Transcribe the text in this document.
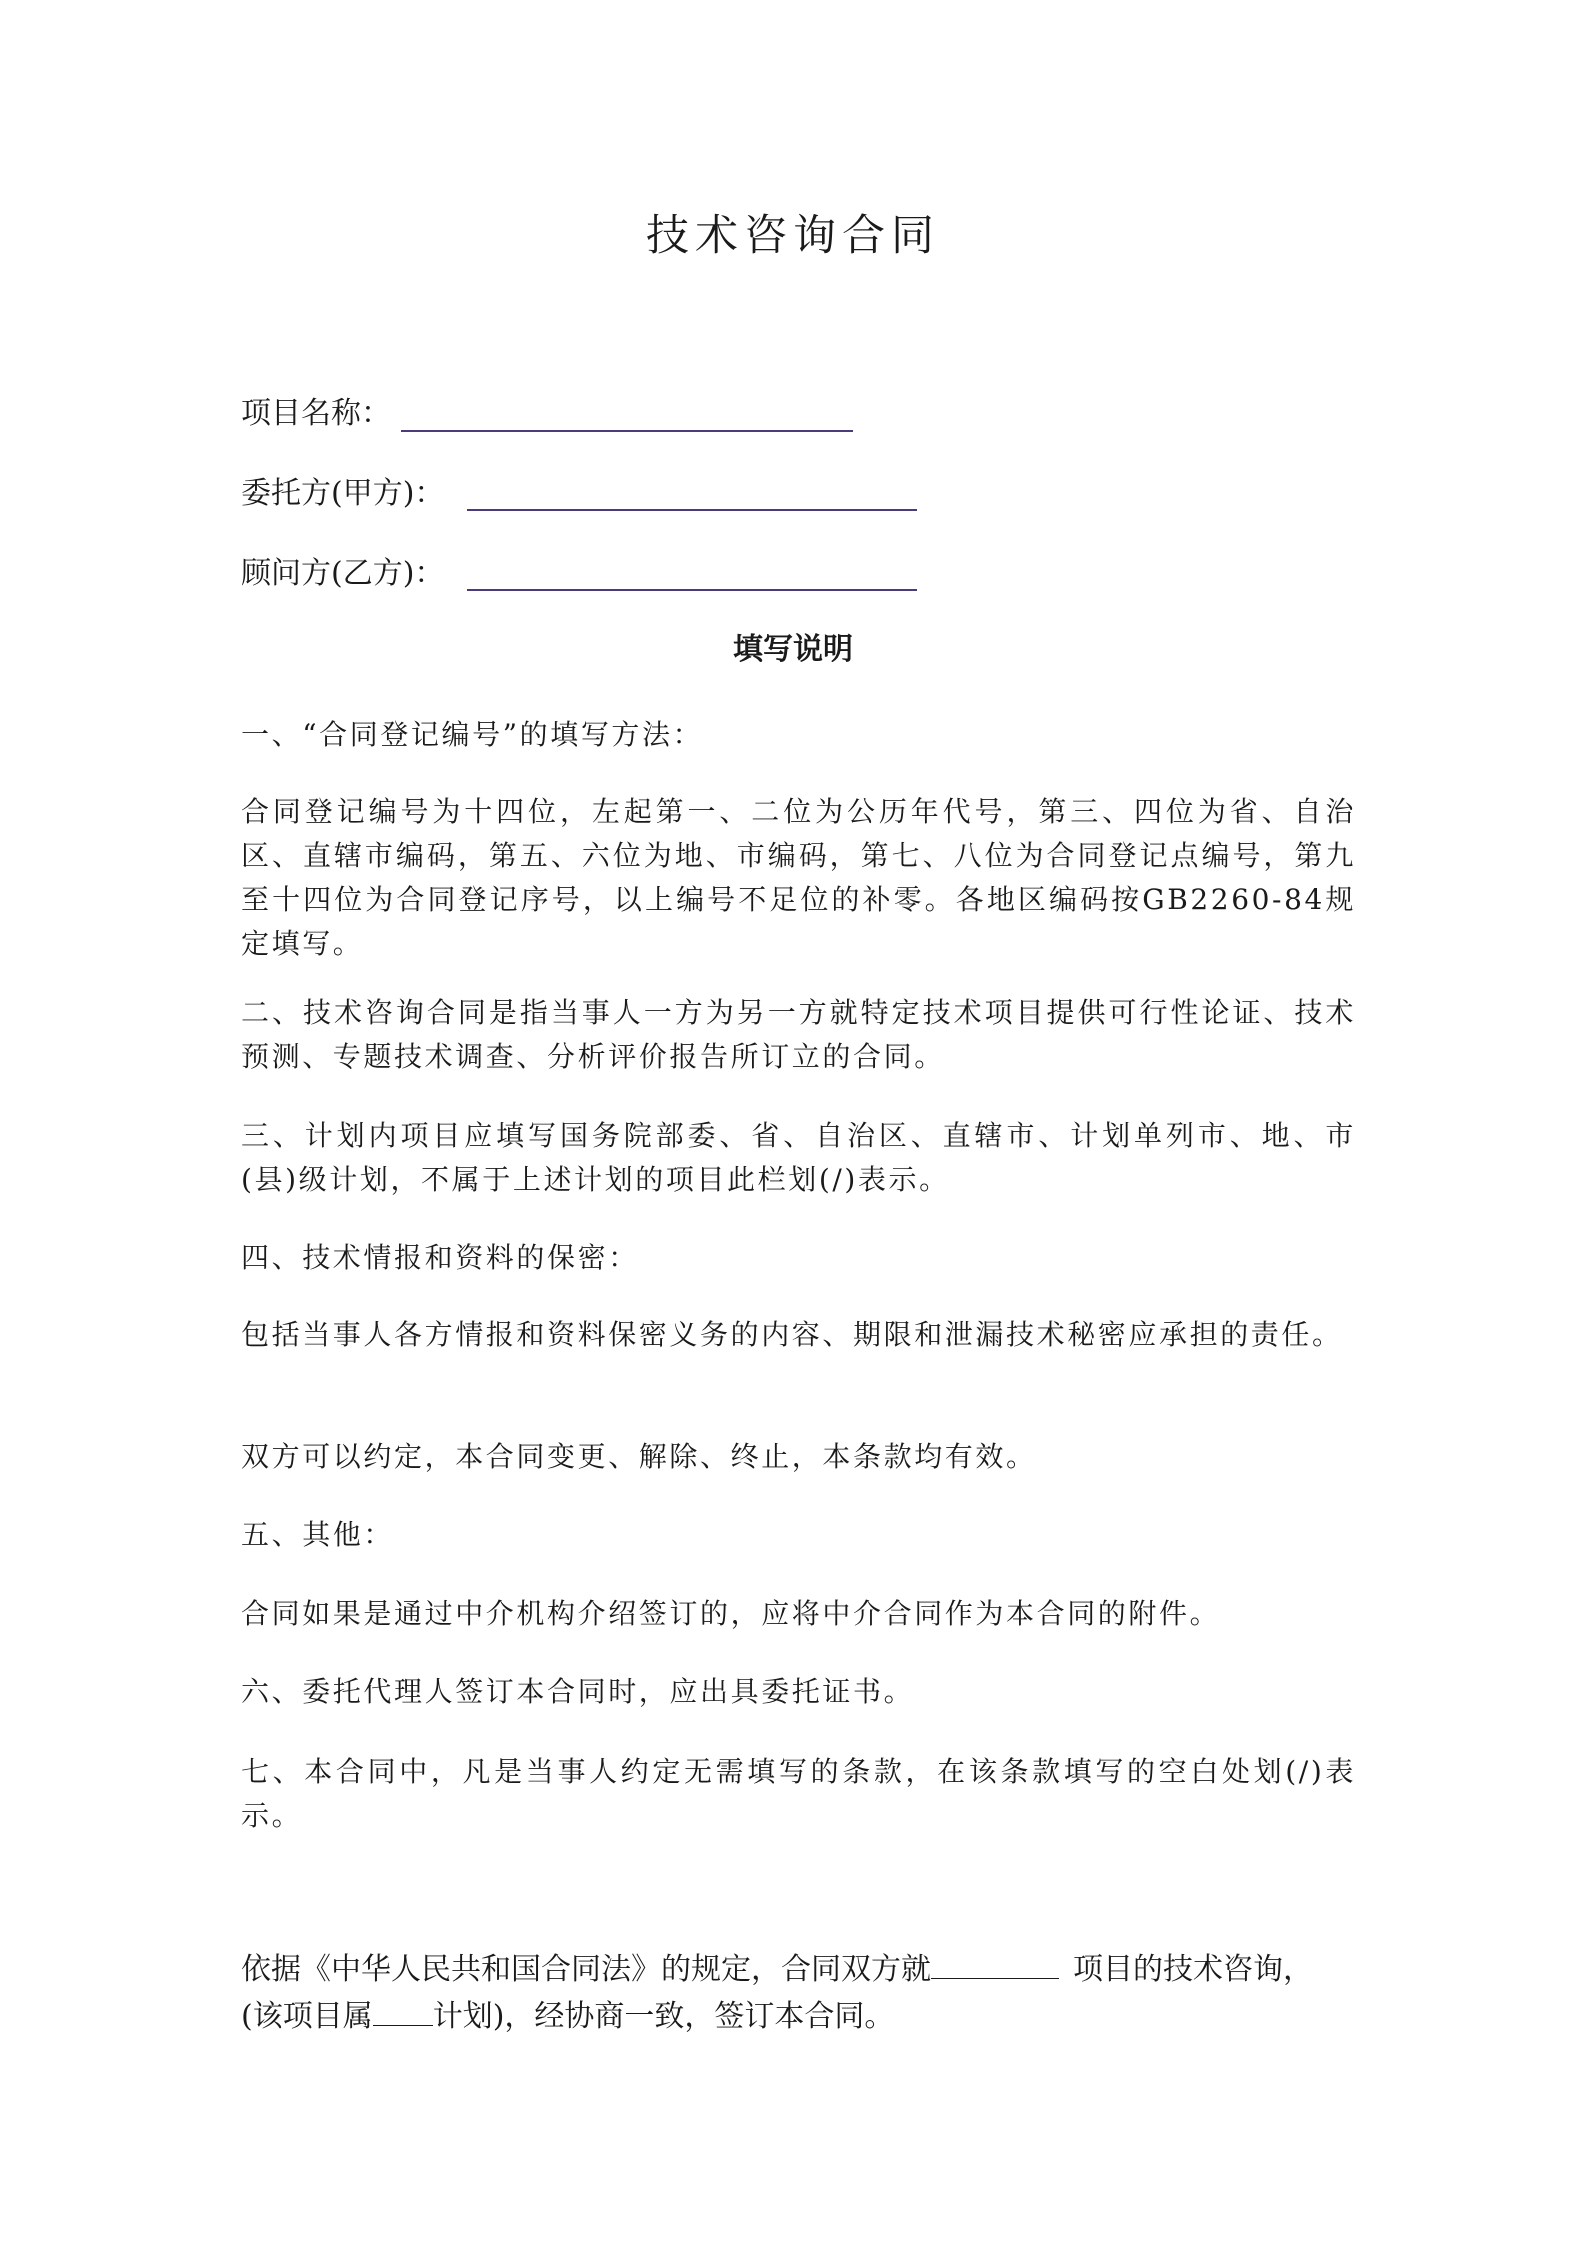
技术咨询合同
项目名称：
委托方(甲方)：
顾问方(乙方)：
填写说明
一、“合同登记编号”的填写方法：
合同登记编号为十四位，左起第一、二位为公历年代号，第三、四位为省、自治区、直辖市编码，第五、六位为地、市编码，第七、八位为合同登记点编号，第九至十四位为合同登记序号，以上编号不足位的补零。各地区编码按GB2260-84规定填写。
二、技术咨询合同是指当事人一方为另一方就特定技术项目提供可行性论证、技术预测、专题技术调查、分析评价报告所订立的合同。
三、计划内项目应填写国务院部委、省、自治区、直辖市、计划单列市、地、市(县)级计划，不属于上述计划的项目此栏划(/)表示。
四、技术情报和资料的保密：
包括当事人各方情报和资料保密义务的内容、期限和泄漏技术秘密应承担的责任。
双方可以约定，本合同变更、解除、终止，本条款均有效。
五、其他：
合同如果是通过中介机构介绍签订的，应将中介合同作为本合同的附件。
六、委托代理人签订本合同时，应出具委托证书。
七、本合同中，凡是当事人约定无需填写的条款，在该条款填写的空白处划(/)表示。
依据《中华人民共和国合同法》的规定，合同双方就	项目的技术咨询，
(该项目属 计划)，经协商一致，签订本合同。
